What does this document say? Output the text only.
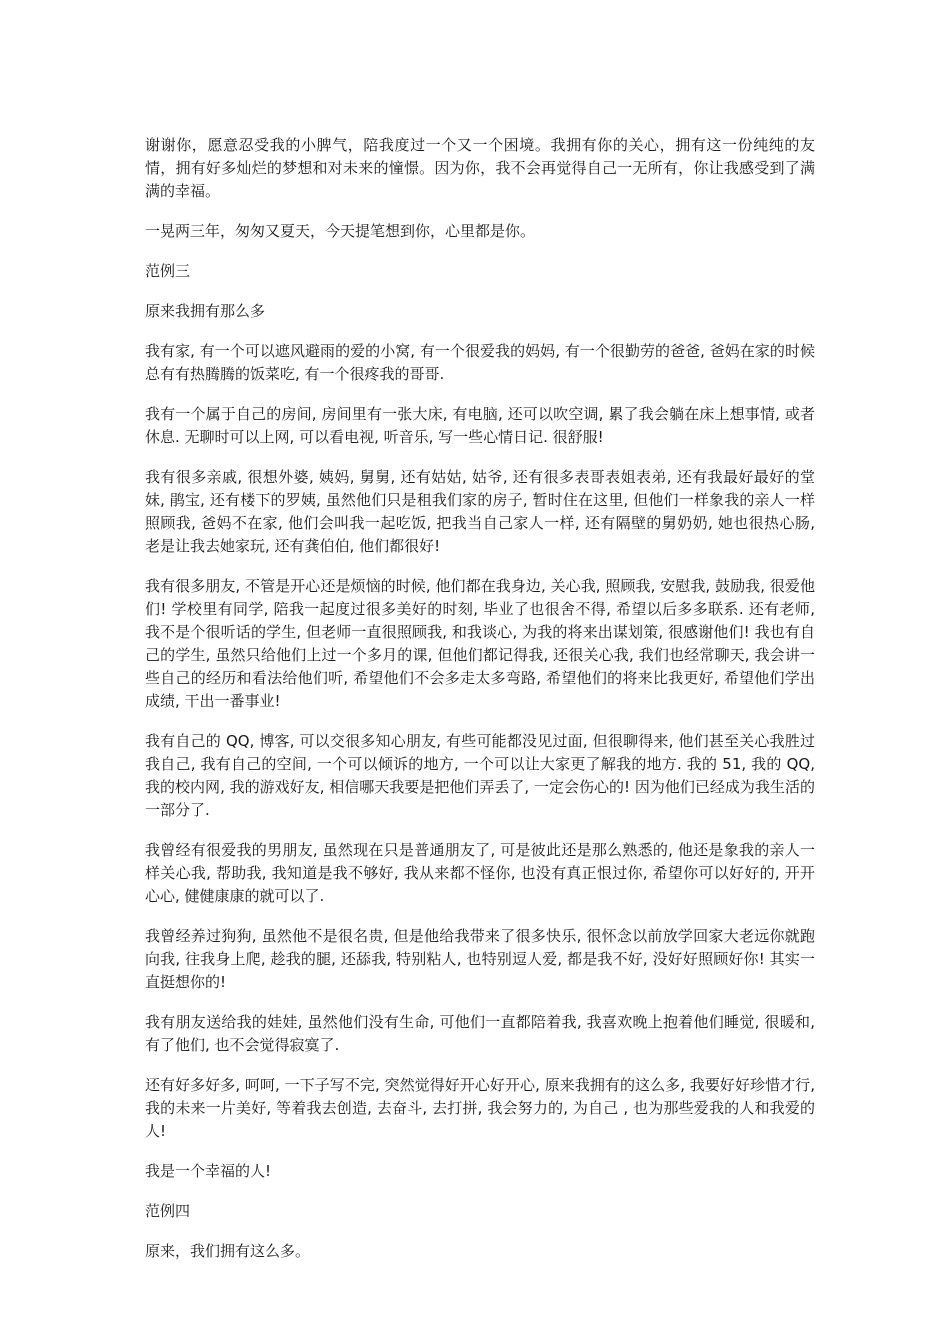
谢谢你，愿意忍受我的小脾气，陪我度过一个又一个困境。我拥有你的关心，拥有这一份纯纯的友情，拥有好多灿烂的梦想和对未来的憧憬。因为你，我不会再觉得自己一无所有，你让我感受到了满满的幸福。

一晃两三年，匆匆又夏天，今天提笔想到你，心里都是你。

范例三

原来我拥有那么多

我有家, 有一个可以遮风避雨的爱的小窝, 有一个很爱我的妈妈, 有一个很勤劳的爸爸, 爸妈在家的时候总有有热腾腾的饭菜吃, 有一个很疼我的哥哥.

我有一个属于自己的房间, 房间里有一张大床, 有电脑, 还可以吹空调, 累了我会躺在床上想事情, 或者休息. 无聊时可以上网, 可以看电视, 听音乐, 写一些心情日记. 很舒服!

我有很多亲戚, 很想外婆, 姨妈, 舅舅, 还有姑姑, 姑爷, 还有很多表哥表姐表弟, 还有我最好最好的堂妹, 鹃宝, 还有楼下的罗姨, 虽然他们只是租我们家的房子, 暂时住在这里, 但他们一样象我的亲人一样照顾我, 爸妈不在家, 他们会叫我一起吃饭, 把我当自己家人一样, 还有隔壁的舅奶奶, 她也很热心肠, 老是让我去她家玩, 还有龚伯伯, 他们都很好!

我有很多朋友, 不管是开心还是烦恼的时候, 他们都在我身边, 关心我, 照顾我, 安慰我, 鼓励我, 很爱他们! 学校里有同学, 陪我一起度过很多美好的时刻, 毕业了也很舍不得, 希望以后多多联系. 还有老师, 我不是个很听话的学生, 但老师一直很照顾我, 和我谈心, 为我的将来出谋划策, 很感谢他们! 我也有自己的学生, 虽然只给他们上过一个多月的课, 但他们都记得我, 还很关心我, 我们也经常聊天, 我会讲一些自己的经历和看法给他们听, 希望他们不会多走太多弯路, 希望他们的将来比我更好, 希望他们学出成绩, 干出一番事业!

我有自己的 QQ, 博客, 可以交很多知心朋友, 有些可能都没见过面, 但很聊得来, 他们甚至关心我胜过我自己, 我有自己的空间, 一个可以倾诉的地方, 一个可以让大家更了解我的地方. 我的 51, 我的 QQ, 我的校内网, 我的游戏好友, 相信哪天我要是把他们弄丢了, 一定会伤心的! 因为他们已经成为我生活的一部分了.

我曾经有很爱我的男朋友, 虽然现在只是普通朋友了, 可是彼此还是那么熟悉的, 他还是象我的亲人一样关心我, 帮助我, 我知道是我不够好, 我从来都不怪你, 也没有真正恨过你, 希望你可以好好的, 开开心心, 健健康康的就可以了.

我曾经养过狗狗, 虽然他不是很名贵, 但是他给我带来了很多快乐, 很怀念以前放学回家大老远你就跑向我, 往我身上爬, 趁我的腿, 还舔我, 特别粘人, 也特别逗人爱, 都是我不好, 没好好照顾好你! 其实一直挺想你的!

我有朋友送给我的娃娃, 虽然他们没有生命, 可他们一直都陪着我, 我喜欢晚上抱着他们睡觉, 很暖和, 有了他们, 也不会觉得寂寞了.

还有好多好多, 呵呵, 一下子写不完, 突然觉得好开心好开心, 原来我拥有的这么多, 我要好好珍惜才行, 我的未来一片美好, 等着我去创造, 去奋斗, 去打拼, 我会努力的, 为自己 , 也为那些爱我的人和我爱的人!

我是一个幸福的人!

范例四

原来，我们拥有这么多。
